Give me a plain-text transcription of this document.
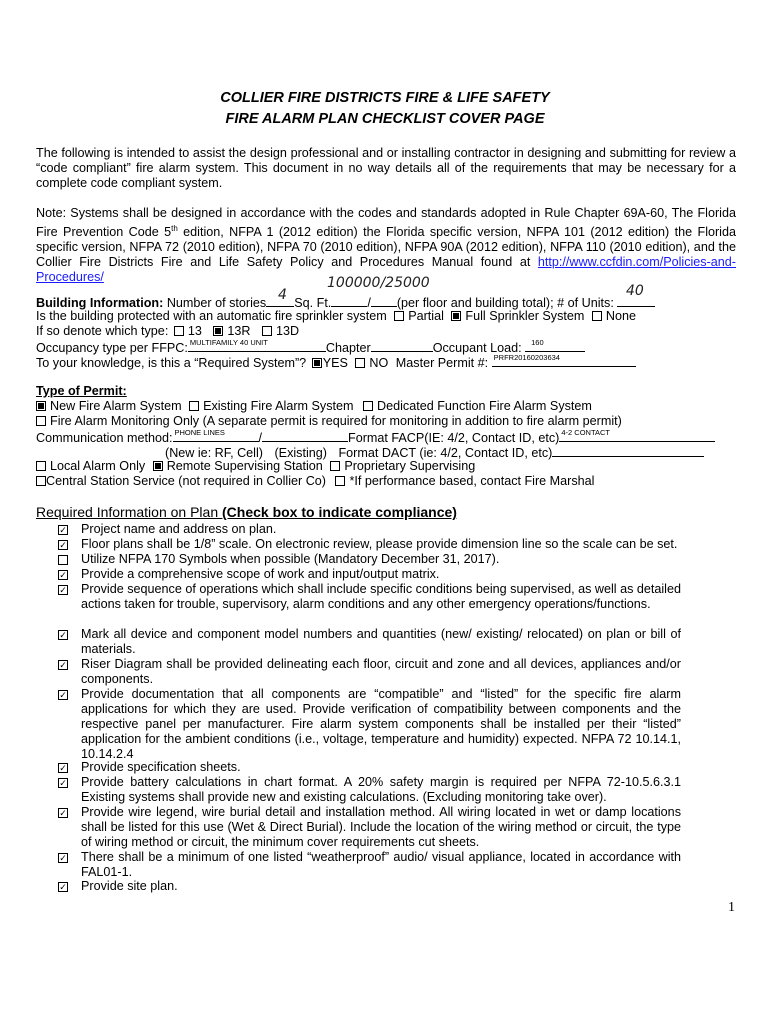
COLLIER FIRE DISTRICTS FIRE & LIFE SAFETY
FIRE ALARM PLAN CHECKLIST COVER PAGE
The following is intended to assist the design professional and or installing contractor in designing and submitting for review a “code compliant” fire alarm system. This document in no way details all of the requirements that may be necessary for a complete code compliant system.
Note: Systems shall be designed in accordance with the codes and standards adopted in Rule Chapter 69A-60, The Florida Fire Prevention Code 5th edition, NFPA 1 (2012 edition) the Florida specific version, NFPA 101 (2012 edition) the Florida specific version, NFPA 72 (2010 edition), NFPA 70 (2010 edition), NFPA 90A (2012 edition), NFPA 110 (2010 edition), and the Collier Fire Districts Fire and Life Safety Policy and Procedures Manual found at http://www.ccfdin.com/Policies-and-Procedures/	100000/25000
4	40
Building Information: Number of stories Sq. Ft.	/ (per floor and building total); # of Units:
Is the building protected with an automatic fire sprinkler system Partial Full Sprinkler System None
If so denote which type: 13 13R 13D
Occupancy type per FFPC: MULTIFAMILY 40 UNIT	Chapter	Occupant Load: 160
To your knowledge, is this a “Required System”? YES NO Master Permit #: PRFR20160203634
Type of Permit:
New Fire Alarm System Existing Fire Alarm System Dedicated Function Fire Alarm System
Fire Alarm Monitoring Only (A separate permit is required for monitoring in addition to fire alarm permit)
Communication method: PHONE LINES	/	Format FACP(IE: 4/2, Contact ID, etc) 4-2 CONTACT
(New ie: RF, Cell) (Existing) Format DACT (ie: 4/2, Contact ID, etc)
Local Alarm Only Remote Supervising Station Proprietary Supervising
Central Station Service (not required in Collier Co) *If performance based, contact Fire Marshal
Required Information on Plan (Check box to indicate compliance)
✓ Project name and address on plan.
✓ Floor plans shall be 1/8” scale. On electronic review, please provide dimension line so the scale can be set.
Utilize NFPA 170 Symbols when possible (Mandatory December 31, 2017).
✓ Provide a comprehensive scope of work and input/output matrix.
✓ Provide sequence of operations which shall include specific conditions being supervised, as well as detailed actions taken for trouble, supervisory, alarm conditions and any other emergency operations/functions.
✓ Mark all device and component model numbers and quantities (new/ existing/ relocated) on plan or bill of materials.
✓ Riser Diagram shall be provided delineating each floor, circuit and zone and all devices, appliances and/or components.
✓ Provide documentation that all components are “compatible” and “listed” for the specific fire alarm applications for which they are used. Provide verification of compatibility between components and the respective panel per manufacturer. Fire alarm system components shall be installed per their “listed” application for the ambient conditions (i.e., voltage, temperature and humidity) expected. NFPA 72 10.14.1, 10.14.2.4
✓ Provide specification sheets.
✓ Provide battery calculations in chart format. A 20% safety margin is required per NFPA 72-10.5.6.3.1 Existing systems shall provide new and existing calculations. (Excluding monitoring take over).
✓ Provide wire legend, wire burial detail and installation method. All wiring located in wet or damp locations shall be listed for this use (Wet & Direct Burial). Include the location of the wiring method or circuit, the type of wiring method or circuit, the minimum cover requirements cut sheets.
✓ There shall be a minimum of one listed “weatherproof” audio/ visual appliance, located in accordance with FAL01-1.
✓ Provide site plan.
1
